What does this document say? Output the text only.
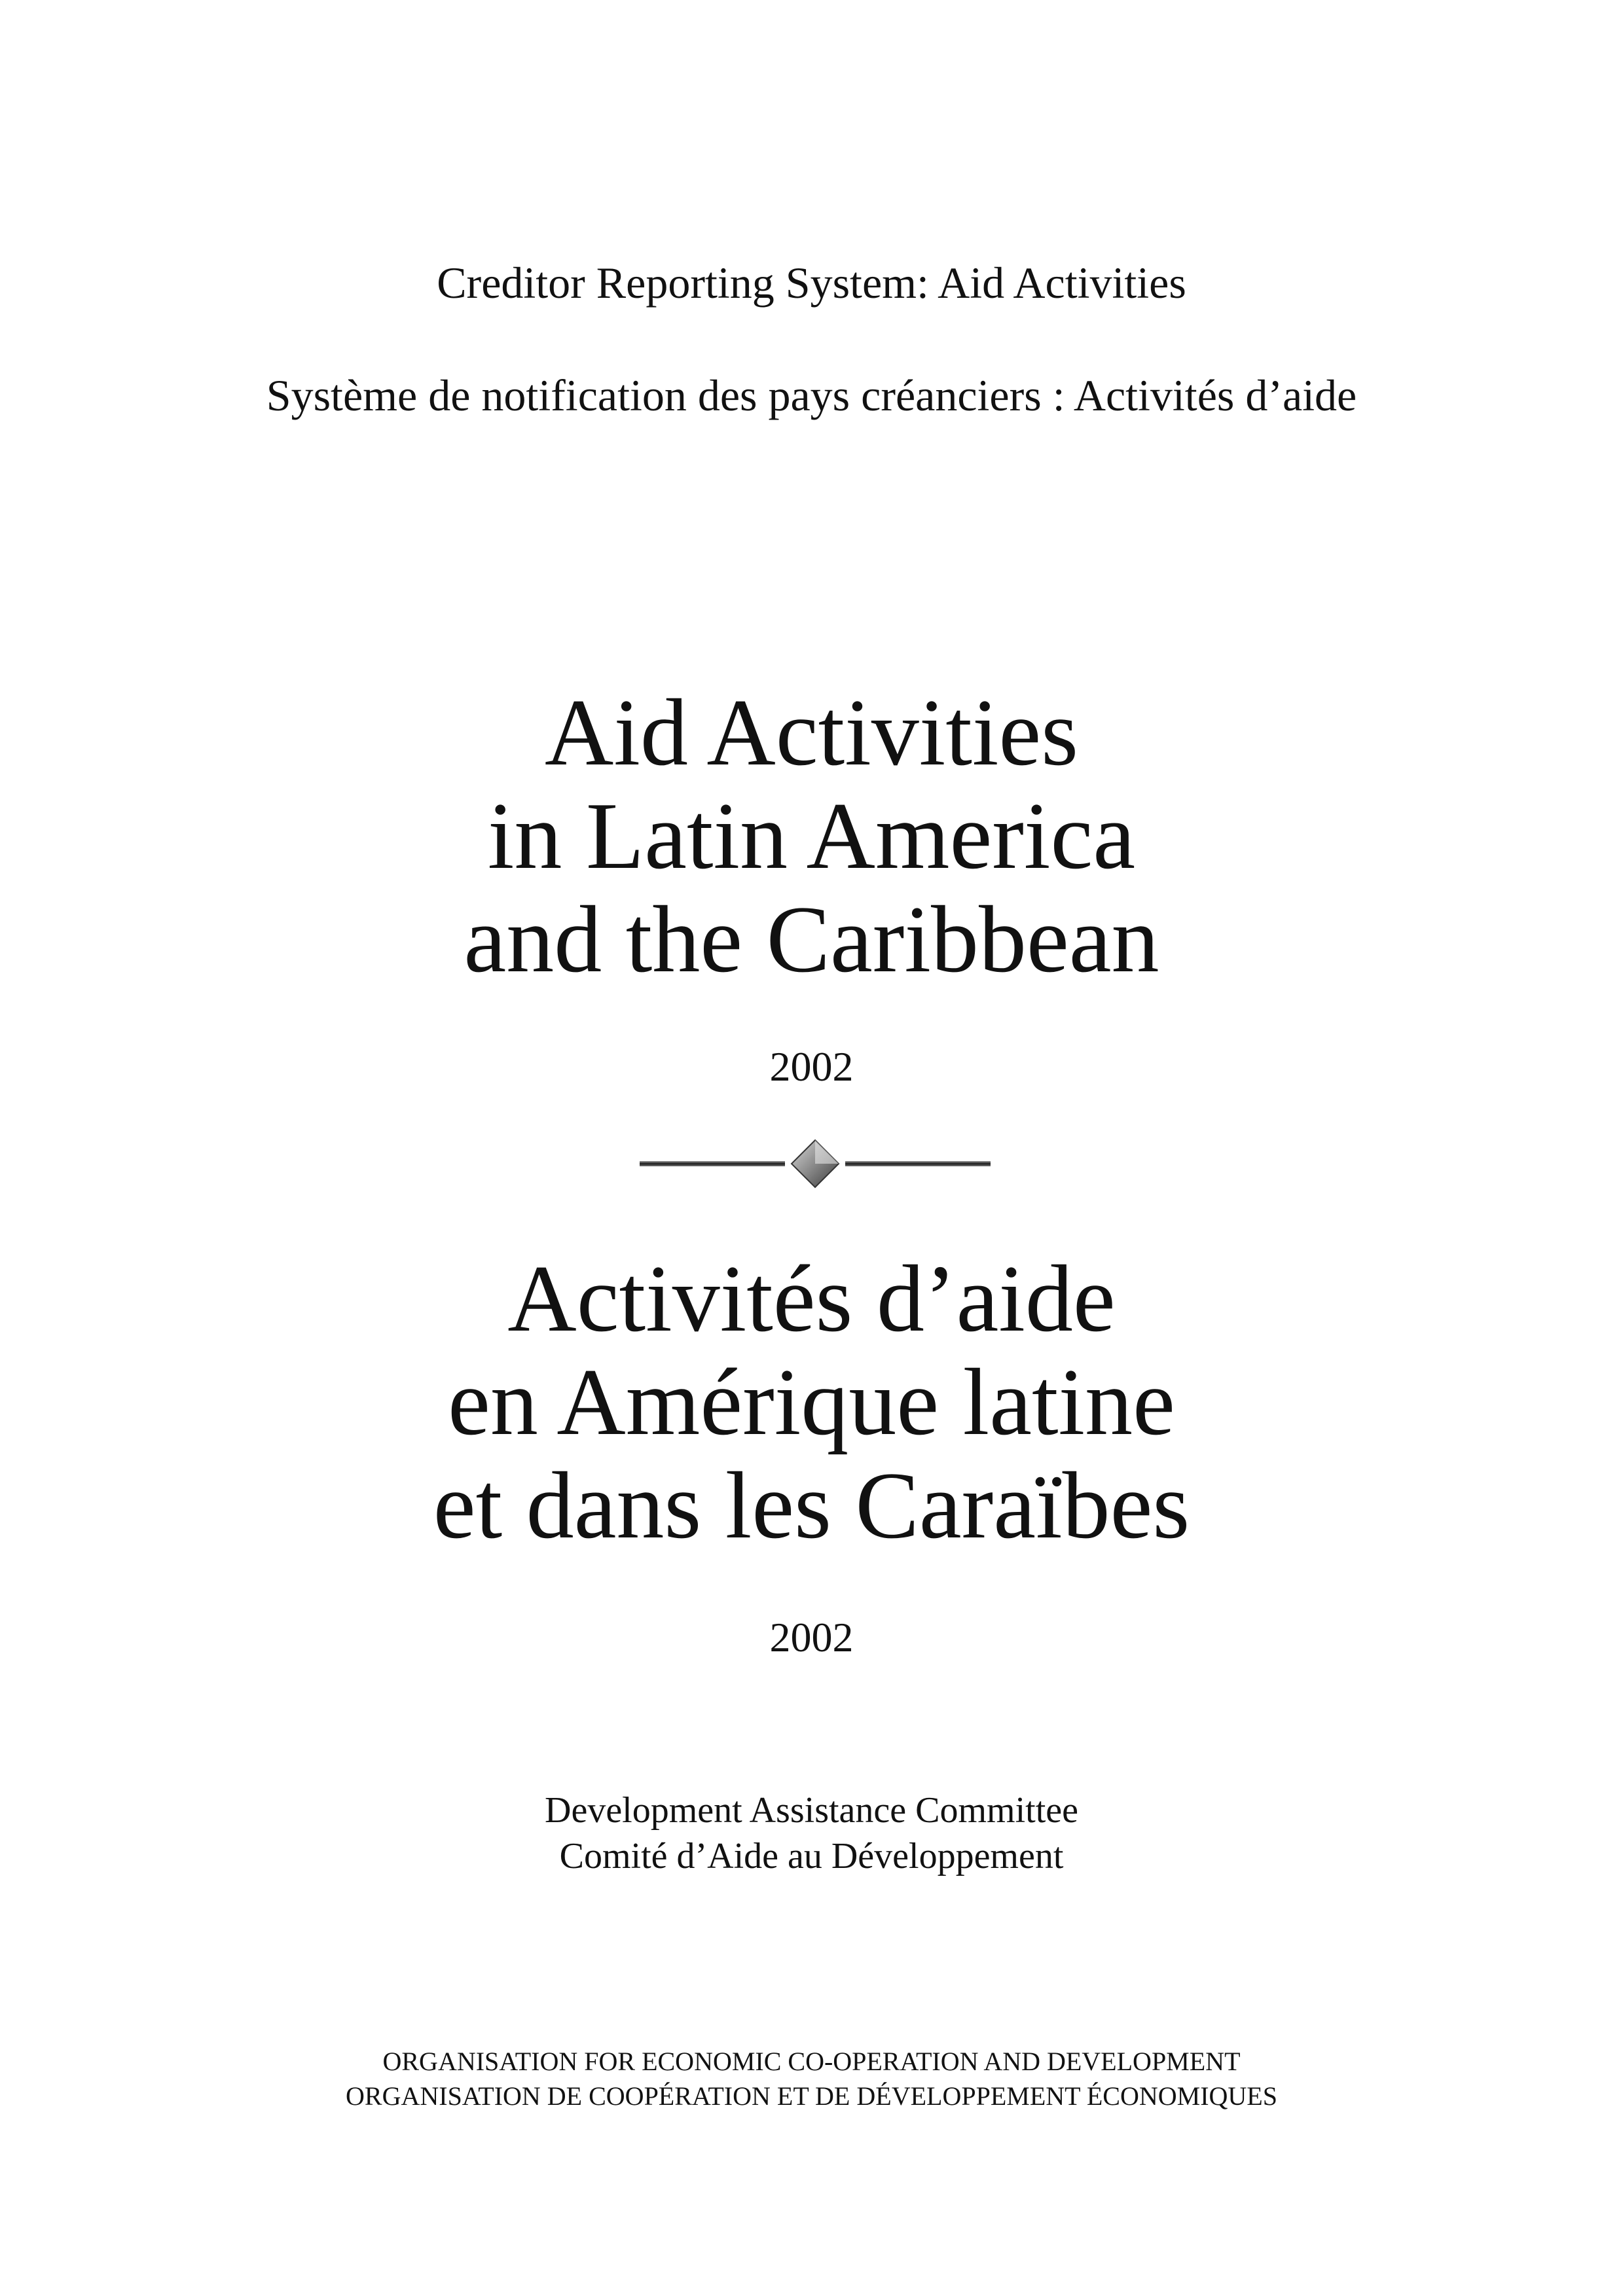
Creditor Reporting System: Aid Activities

Système de notification des pays créanciers : Activités d’aide

Aid Activities
in Latin America
and the Caribbean

2002

Activités d’aide
en Amérique latine
et dans les Caraïbes

2002

Development Assistance Committee

Comité d’Aide au Développement

ORGANISATION FOR ECONOMIC CO-OPERATION AND DEVELOPMENT

ORGANISATION DE COOPÉRATION ET DE DÉVELOPPEMENT ÉCONOMIQUES
